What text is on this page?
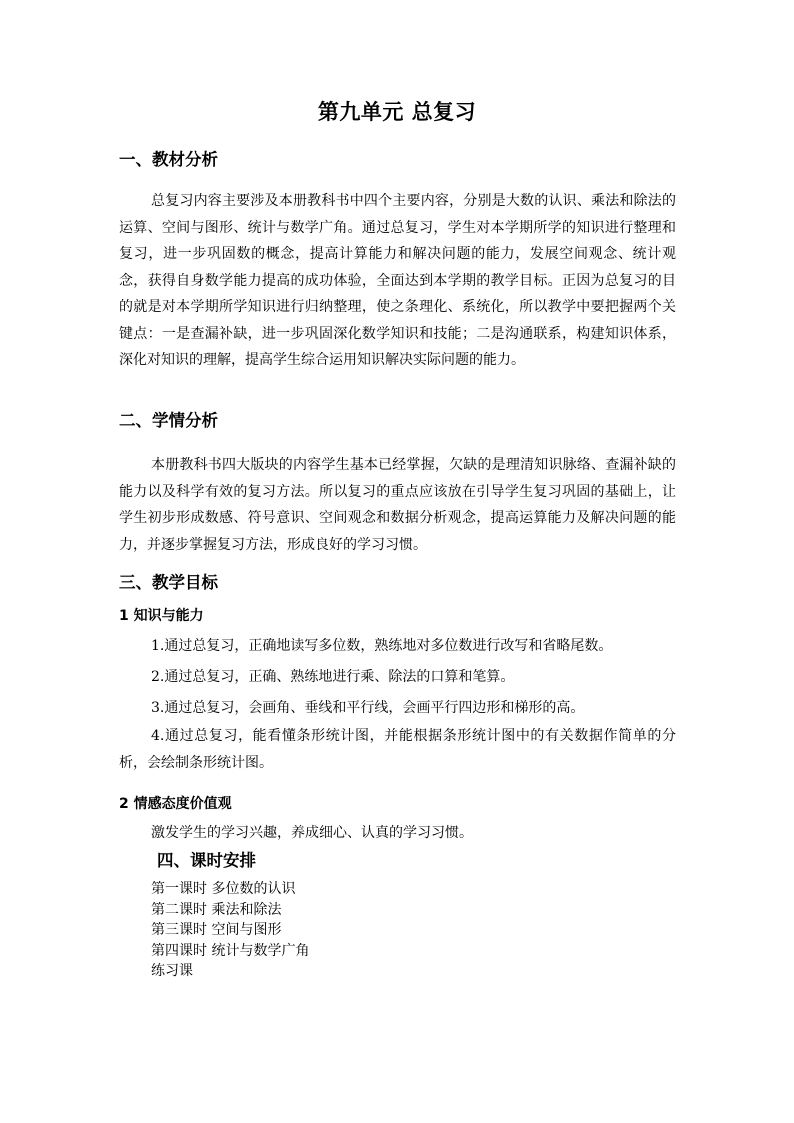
第九单元 总复习
一、教材分析

总复习内容主要涉及本册教科书中四个主要内容，分别是大数的认识、乘法和除法的运算、空间与图形、统计与数学广角。通过总复习，学生对本学期所学的知识进行整理和复习，进一步巩固数的概念，提高计算能力和解决问题的能力，发展空间观念、统计观念，获得自身数学能力提高的成功体验，全面达到本学期的教学目标。正因为总复习的目的就是对本学期所学知识进行归纳整理，使之条理化、系统化，所以教学中要把握两个关键点：一是查漏补缺，进一步巩固深化数学知识和技能；二是沟通联系，构建知识体系，深化对知识的理解，提高学生综合运用知识解决实际问题的能力。

二、学情分析

本册教科书四大版块的内容学生基本已经掌握，欠缺的是理清知识脉络、查漏补缺的能力以及科学有效的复习方法。所以复习的重点应该放在引导学生复习巩固的基础上，让学生初步形成数感、符号意识、空间观念和数据分析观念，提高运算能力及解决问题的能力，并逐步掌握复习方法，形成良好的学习习惯。

三、教学目标
1 知识与能力
1.通过总复习，正确地读写多位数，熟练地对多位数进行改写和省略尾数。
2.通过总复习，正确、熟练地进行乘、除法的口算和笔算。
3.通过总复习，会画角、垂线和平行线，会画平行四边形和梯形的高。

4.通过总复习，能看懂条形统计图，并能根据条形统计图中的有关数据作简单的分析，会绘制条形统计图。

2 情感态度价值观
激发学生的学习兴趣，养成细心、认真的学习习惯。
四、课时安排
第一课时 多位数的认识
第二课时 乘法和除法
第三课时 空间与图形
第四课时 统计与数学广角
练习课
